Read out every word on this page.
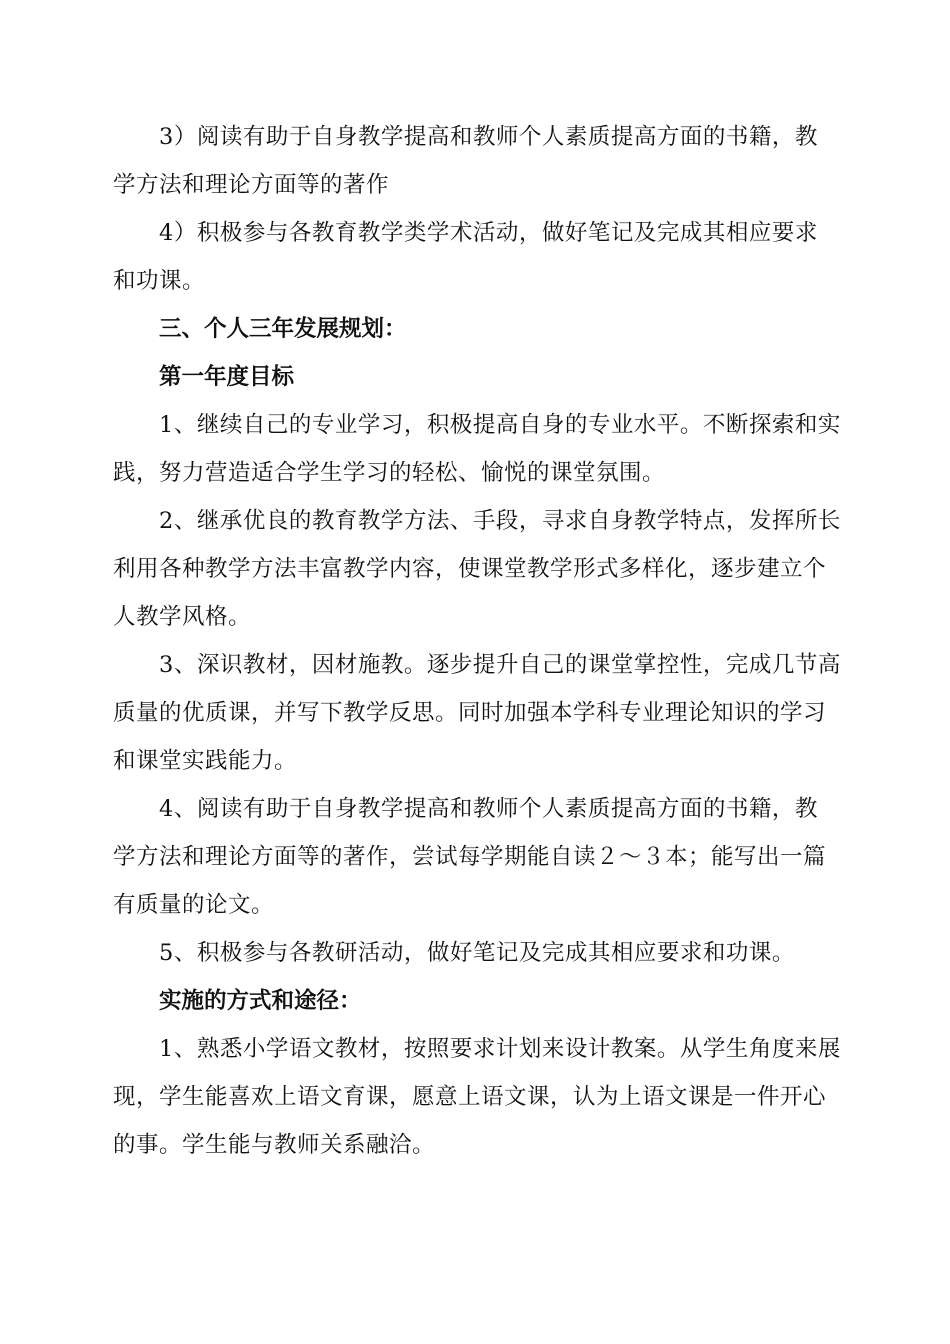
3）阅读有助于自身教学提高和教师个人素质提高方面的书籍，教

学方法和理论方面等的著作

4）积极参与各教育教学类学术活动，做好笔记及完成其相应要求

和功课。

三、个人三年发展规划：

第一年度目标

1、继续自己的专业学习，积极提高自身的专业水平。不断探索和实

践，努力营造适合学生学习的轻松、愉悦的课堂氛围。

2、继承优良的教育教学方法、手段，寻求自身教学特点，发挥所长

利用各种教学方法丰富教学内容，使课堂教学形式多样化，逐步建立个

人教学风格。

3、深识教材，因材施教。逐步提升自己的课堂掌控性，完成几节高

质量的优质课，并写下教学反思。同时加强本学科专业理论知识的学习

和课堂实践能力。

4、阅读有助于自身教学提高和教师个人素质提高方面的书籍，教

学方法和理论方面等的著作，尝试每学期能自读２～３本；能写出一篇

有质量的论文。

5、积极参与各教研活动，做好笔记及完成其相应要求和功课。

实施的方式和途径：

1、熟悉小学语文教材，按照要求计划来设计教案。从学生角度来展

现，学生能喜欢上语文育课，愿意上语文课，认为上语文课是一件开心

的事。学生能与教师关系融洽。
